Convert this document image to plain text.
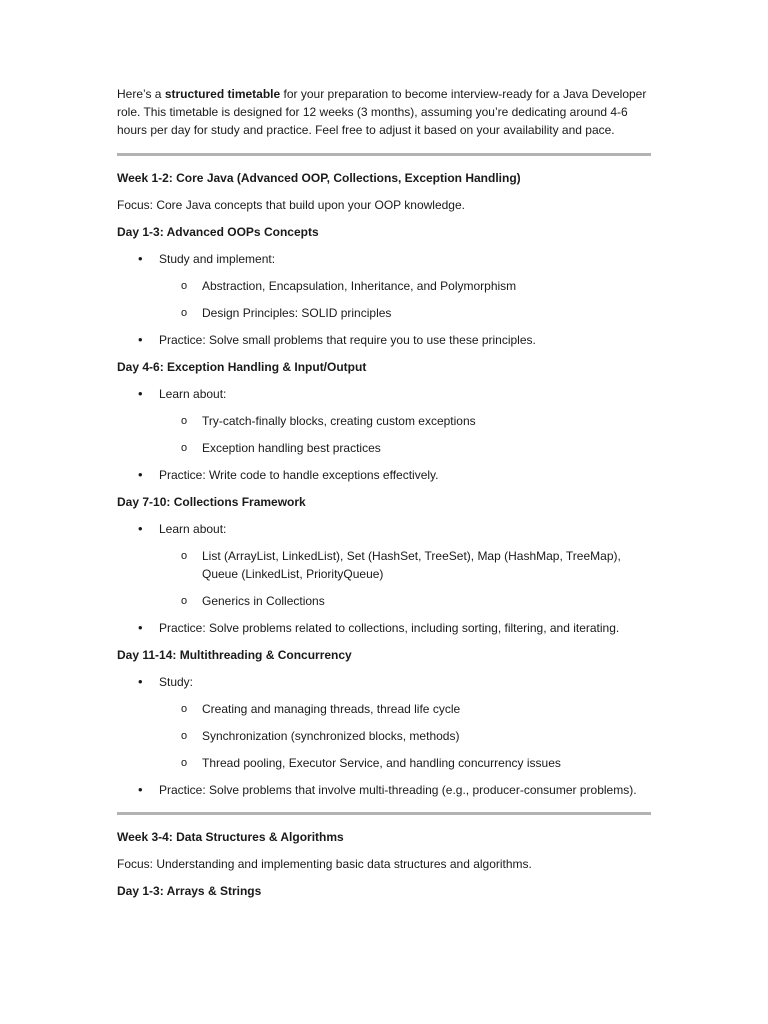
Here’s a structured timetable for your preparation to become interview-ready for a Java Developer role. This timetable is designed for 12 weeks (3 months), assuming you’re dedicating around 4-6 hours per day for study and practice. Feel free to adjust it based on your availability and pace.

Week 1-2: Core Java (Advanced OOP, Collections, Exception Handling)

Focus: Core Java concepts that build upon your OOP knowledge.

Day 1-3: Advanced OOPs Concepts

• Study and implement:
o Abstraction, Encapsulation, Inheritance, and Polymorphism
o Design Principles: SOLID principles
• Practice: Solve small problems that require you to use these principles.

Day 4-6: Exception Handling & Input/Output

• Learn about:
o Try-catch-finally blocks, creating custom exceptions
o Exception handling best practices
• Practice: Write code to handle exceptions effectively.

Day 7-10: Collections Framework

• Learn about:
o List (ArrayList, LinkedList), Set (HashSet, TreeSet), Map (HashMap, TreeMap), Queue (LinkedList, PriorityQueue)
o Generics in Collections
• Practice: Solve problems related to collections, including sorting, filtering, and iterating.

Day 11-14: Multithreading & Concurrency

• Study:
o Creating and managing threads, thread life cycle
o Synchronization (synchronized blocks, methods)
o Thread pooling, Executor Service, and handling concurrency issues
• Practice: Solve problems that involve multi-threading (e.g., producer-consumer problems).

Week 3-4: Data Structures & Algorithms

Focus: Understanding and implementing basic data structures and algorithms.

Day 1-3: Arrays & Strings
